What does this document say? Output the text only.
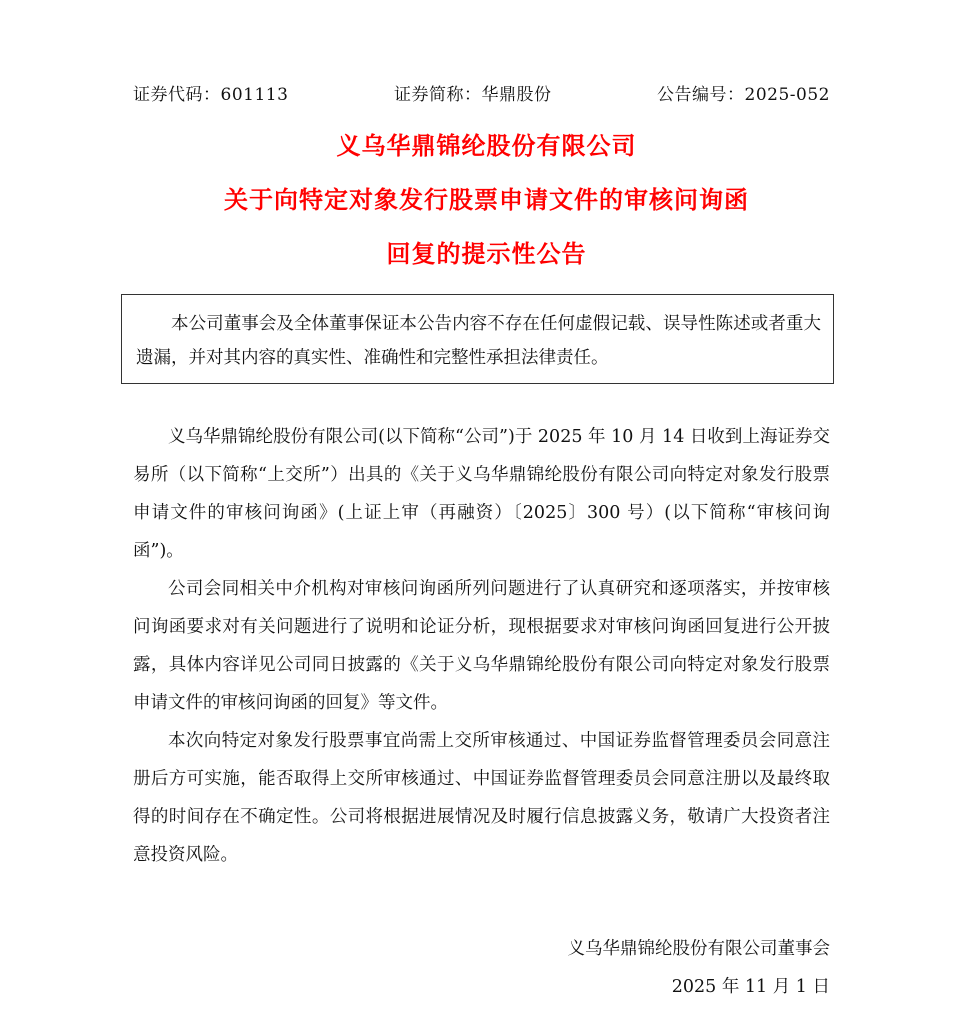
证券代码：601113	证券简称：华鼎股份	公告编号：2025-052
义乌华鼎锦纶股份有限公司
关于向特定对象发行股票申请文件的审核问询函
回复的提示性公告
本公司董事会及全体董事保证本公告内容不存在任何虚假记载、误导性陈述或者重大遗漏，并对其内容的真实性、准确性和完整性承担法律责任。

义乌华鼎锦纶股份有限公司(以下简称“公司”)于 2025 年 10 月 14 日收到上海证券交易所（以下简称“上交所”）出具的《关于义乌华鼎锦纶股份有限公司向特定对象发行股票申请文件的审核问询函》(上证上审（再融资）〔2025〕300 号）(以下简称“审核问询函”)。

公司会同相关中介机构对审核问询函所列问题进行了认真研究和逐项落实，并按审核问询函要求对有关问题进行了说明和论证分析，现根据要求对审核问询函回复进行公开披露，具体内容详见公司同日披露的《关于义乌华鼎锦纶股份有限公司向特定对象发行股票申请文件的审核问询函的回复》等文件。

本次向特定对象发行股票事宜尚需上交所审核通过、中国证券监督管理委员会同意注册后方可实施，能否取得上交所审核通过、中国证券监督管理委员会同意注册以及最终取得的时间存在不确定性。公司将根据进展情况及时履行信息披露义务，敬请广大投资者注意投资风险。

义乌华鼎锦纶股份有限公司董事会
2025 年 11 月 1 日
